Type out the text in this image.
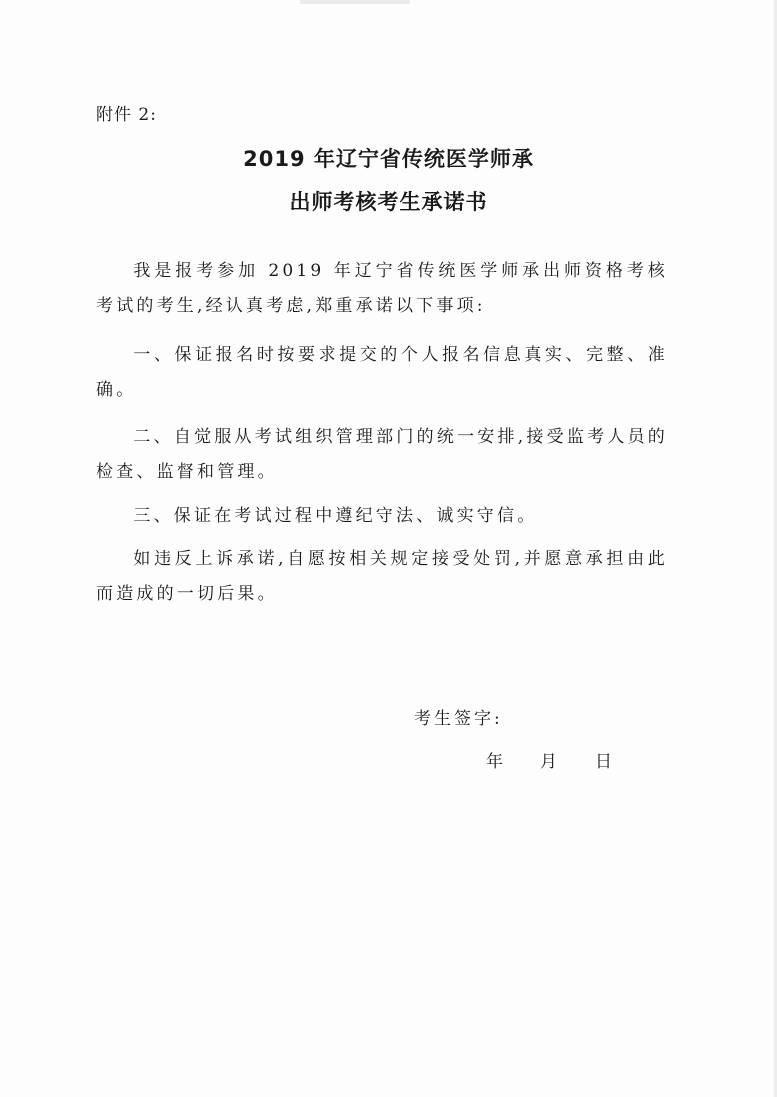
附件 2:
2019 年辽宁省传统医学师承
出师考核考生承诺书

我是报考参加 2019 年辽宁省传统医学师承出师资格考核考试的考生,经认真考虑,郑重承诺以下事项:

一、保证报名时按要求提交的个人报名信息真实、完整、准确。

二、自觉服从考试组织管理部门的统一安排,接受监考人员的检查、监督和管理。

三、保证在考试过程中遵纪守法、诚实守信。

如违反上诉承诺,自愿按相关规定接受处罚,并愿意承担由此而造成的一切后果。

考生签字:
年	月	日
